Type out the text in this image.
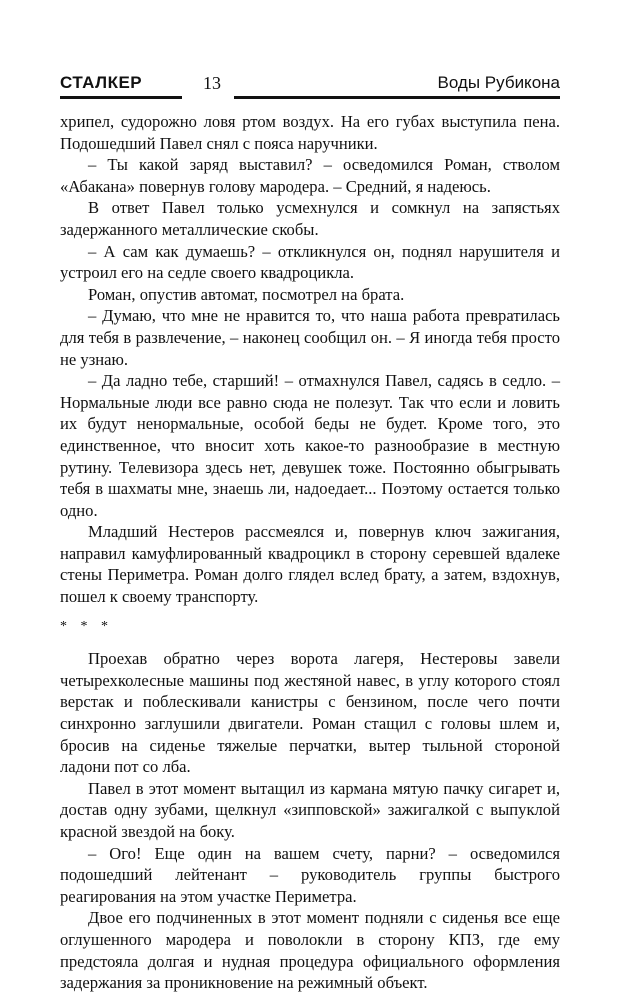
СТАЛКЕР	13	Воды Рубикона

хрипел, судорожно ловя ртом воздух. На его губах выступила пена. Подошедший Павел снял с пояса наручники.

– Ты какой заряд выставил? – осведомился Роман, стволом «Абакана» повернув голову мародера. – Средний, я надеюсь.

В ответ Павел только усмехнулся и сомкнул на запястьях задержанного металлические скобы.

– А сам как думаешь? – откликнулся он, поднял нарушителя и устроил его на седле своего квадроцикла.

Роман, опустив автомат, посмотрел на брата.

– Думаю, что мне не нравится то, что наша работа превратилась для тебя в развлечение, – наконец сообщил он. – Я иногда тебя просто не узнаю.

– Да ладно тебе, старший! – отмахнулся Павел, садясь в седло. – Нормальные люди все равно сюда не полезут. Так что если и ловить их будут ненормальные, особой беды не будет. Кроме того, это единственное, что вносит хоть какое-то разнообразие в местную рутину. Телевизора здесь нет, девушек тоже. Постоянно обыгрывать тебя в шахматы мне, знаешь ли, надоедает... Поэтому остается только одно.

Младший Нестеров рассмеялся и, повернув ключ зажигания, направил камуфлированный квадроцикл в сторону серевшей вдалеке стены Периметра. Роман долго глядел вслед брату, а затем, вздохнув, пошел к своему транспорту.

* * *

Проехав обратно через ворота лагеря, Нестеровы завели четырехколесные машины под жестяной навес, в углу которого стоял верстак и поблескивали канистры с бензином, после чего почти синхронно заглушили двигатели. Роман стащил с головы шлем и, бросив на сиденье тяжелые перчатки, вытер тыльной стороной ладони пот со лба.

Павел в этот момент вытащил из кармана мятую пачку сигарет и, достав одну зубами, щелкнул «зипповской» зажигалкой с выпуклой красной звездой на боку.

– Ого! Еще один на вашем счету, парни? – осведомился подошедший лейтенант – руководитель группы быстрого реагирования на этом участке Периметра.

Двое его подчиненных в этот момент подняли с сиденья все еще оглушенного мародера и поволокли в сторону КПЗ, где ему предстояла долгая и нудная процедура официального оформления задержания за проникновение на режимный объект.
